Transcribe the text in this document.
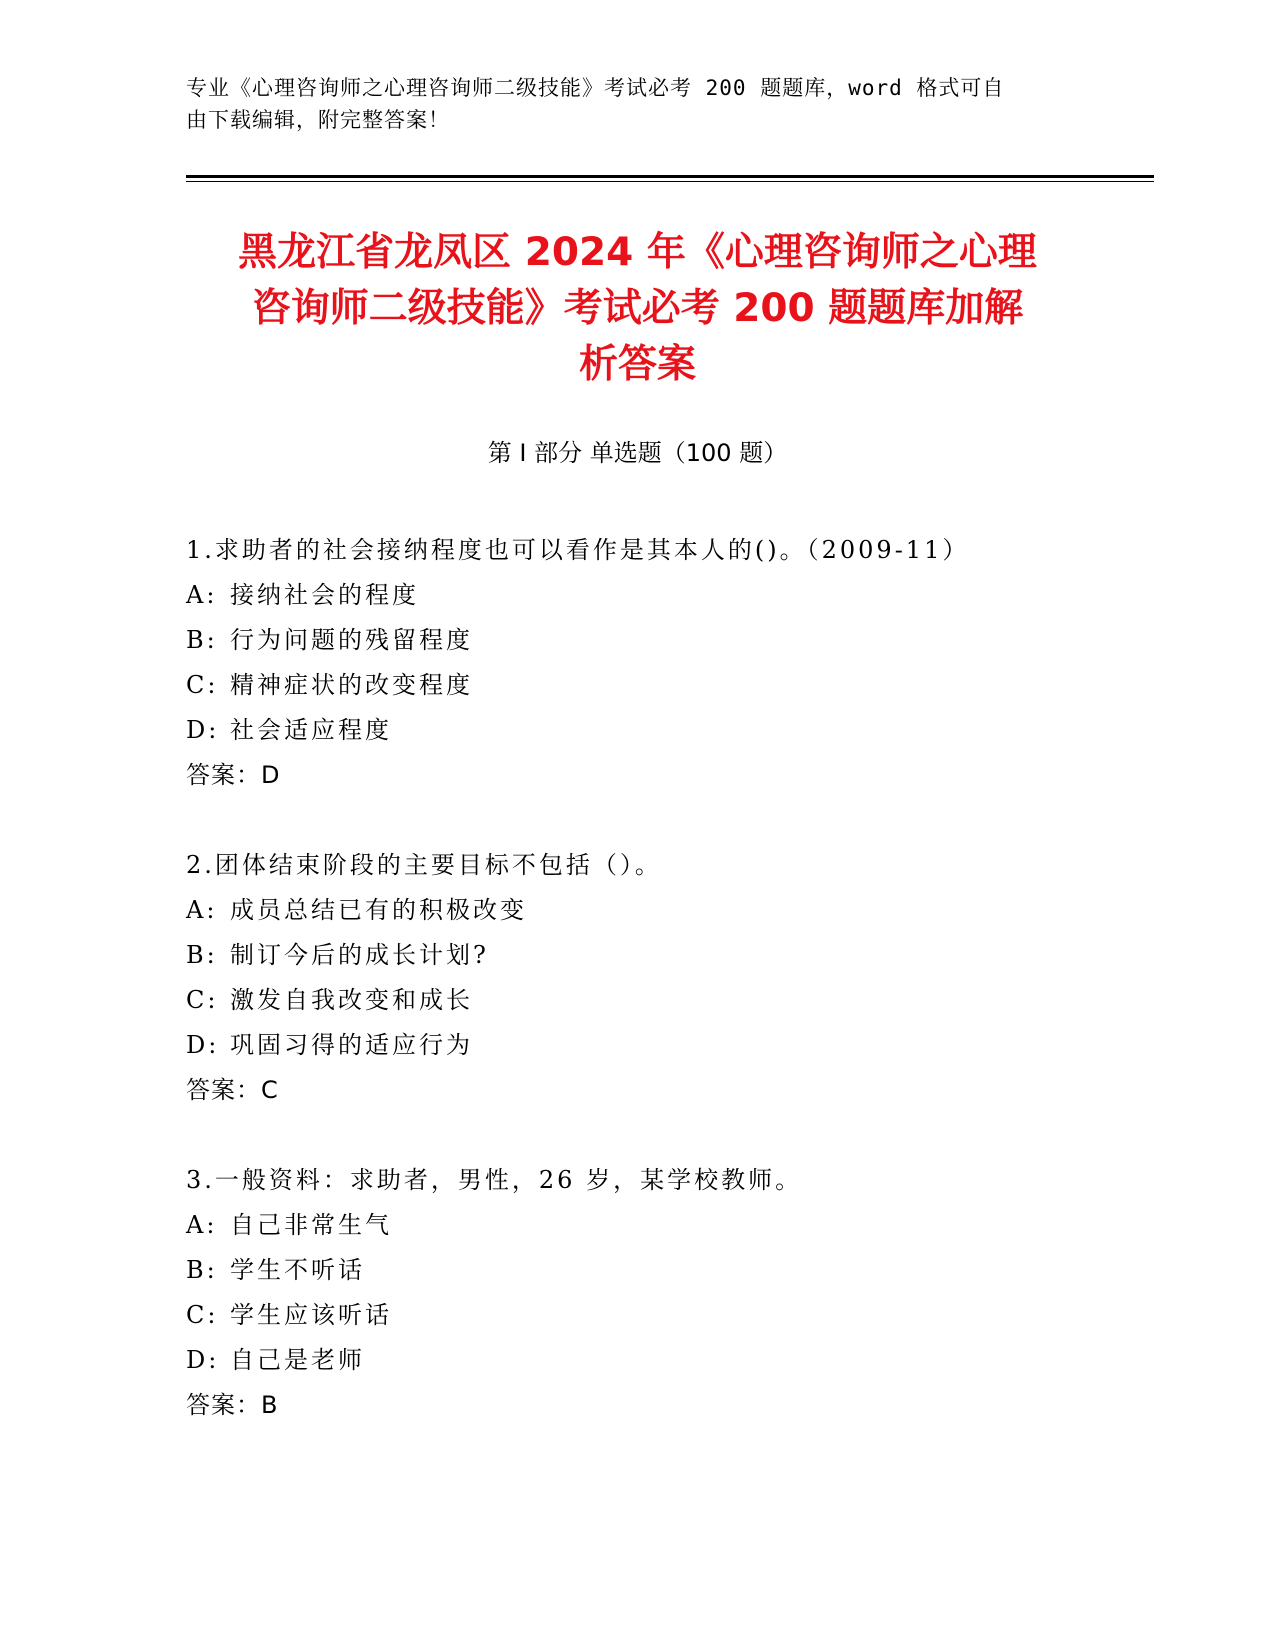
专业《心理咨询师之心理咨询师二级技能》考试必考 200 题题库，word 格式可自
由下载编辑，附完整答案！
黑龙江省龙凤区 2024 年《心理咨询师之心理
咨询师二级技能》考试必考 200 题题库加解
析答案
第 I 部分 单选题（100 题）
1.求助者的社会接纳程度也可以看作是其本人的()。（2009-11）
A: 接纳社会的程度
B: 行为问题的残留程度
C: 精神症状的改变程度
D: 社会适应程度
答案：D
2.团体结束阶段的主要目标不包括（）。
A: 成员总结已有的积极改变
B: 制订今后的成长计划?
C: 激发自我改变和成长
D: 巩固习得的适应行为
答案：C
3.一般资料：求助者，男性，26 岁，某学校教师。
A: 自己非常生气
B: 学生不听话
C: 学生应该听话
D: 自己是老师
答案：B
